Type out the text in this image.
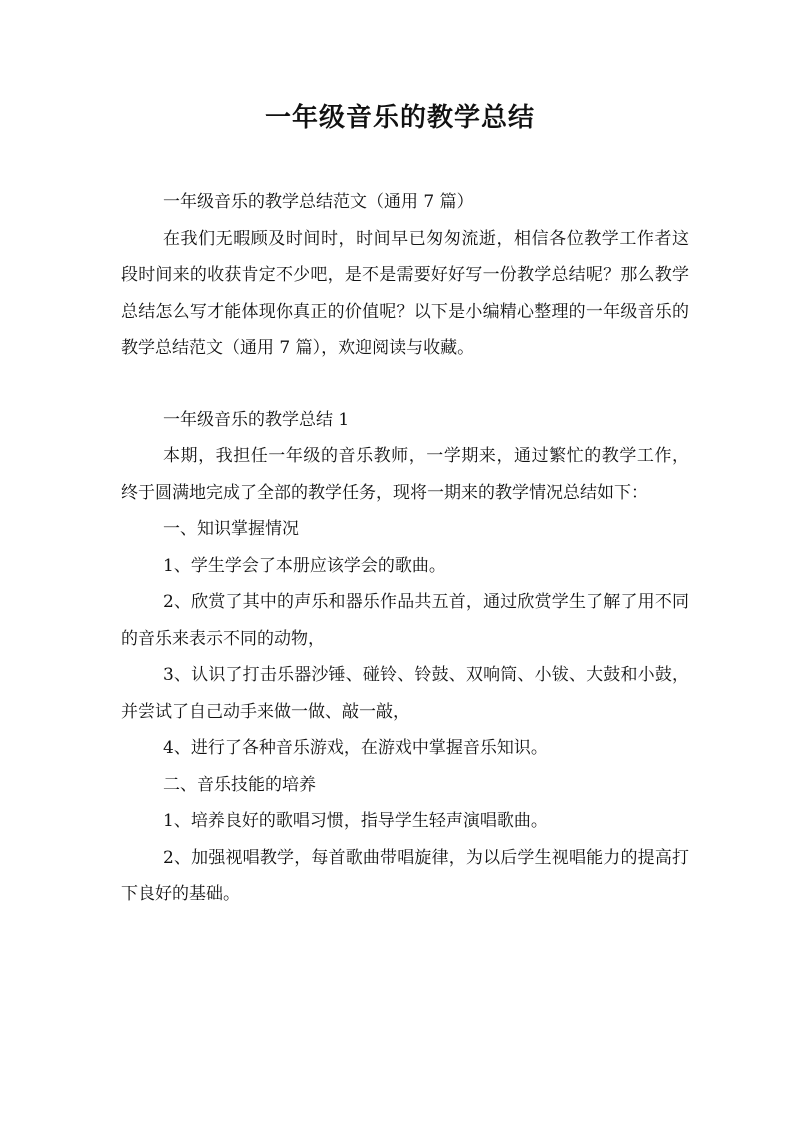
一年级音乐的教学总结

一年级音乐的教学总结范文（通用 7 篇）

在我们无暇顾及时间时，时间早已匆匆流逝，相信各位教学工作者这段时间来的收获肯定不少吧，是不是需要好好写一份教学总结呢？那么教学总结怎么写才能体现你真正的价值呢？以下是小编精心整理的一年级音乐的教学总结范文（通用 7 篇），欢迎阅读与收藏。

一年级音乐的教学总结 1

本期，我担任一年级的音乐教师，一学期来，通过繁忙的教学工作，终于圆满地完成了全部的教学任务，现将一期来的教学情况总结如下：

一、知识掌握情况

1、学生学会了本册应该学会的歌曲。

2、欣赏了其中的声乐和器乐作品共五首，通过欣赏学生了解了用不同的音乐来表示不同的动物，

3、认识了打击乐器沙锤、碰铃、铃鼓、双响筒、小钹、大鼓和小鼓，并尝试了自己动手来做一做、敲一敲，

4、进行了各种音乐游戏，在游戏中掌握音乐知识。

二、音乐技能的培养

1、培养良好的歌唱习惯，指导学生轻声演唱歌曲。

2、加强视唱教学，每首歌曲带唱旋律，为以后学生视唱能力的提高打下良好的基础。
